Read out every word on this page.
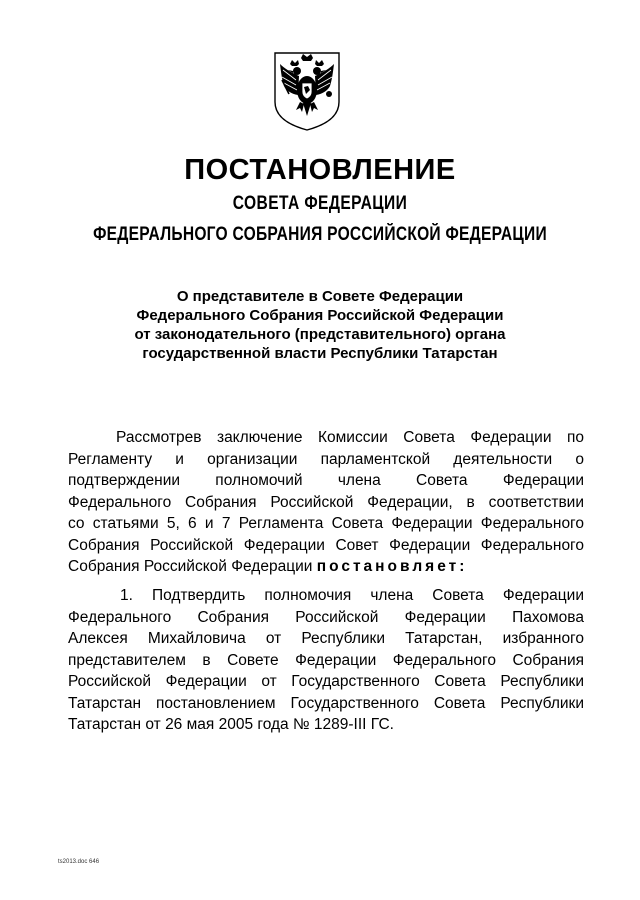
ПОСТАНОВЛЕНИЕ
СОВЕТА ФЕДЕРАЦИИ
ФЕДЕРАЛЬНОГО СОБРАНИЯ РОССИЙСКОЙ ФЕДЕРАЦИИ
О представителе в Совете Федерации
Федерального Собрания Российской Федерации
от законодательного (представительного) органа
государственной власти Республики Татарстан
Рассмотрев заключение Комиссии Совета Федерации по
Регламенту и организации парламентской деятельности о
подтверждении полномочий члена Совета Федерации
Федерального Собрания Российской Федерации, в соответствии
со статьями 5, 6 и 7 Регламента Совета Федерации Федерального
Собрания Российской Федерации Совет Федерации Федерального
Собрания Российской Федерации постановляет:
1. Подтвердить полномочия члена Совета Федерации
Федерального Собрания Российской Федерации Пахомова
Алексея Михайловича от Республики Татарстан, избранного
представителем в Совете Федерации Федерального Собрания
Российской Федерации от Государственного Совета Республики
Татарстан постановлением Государственного Совета Республики
Татарстан от 26 мая 2005 года № 1289-III ГС.
ts2013.doc 646
